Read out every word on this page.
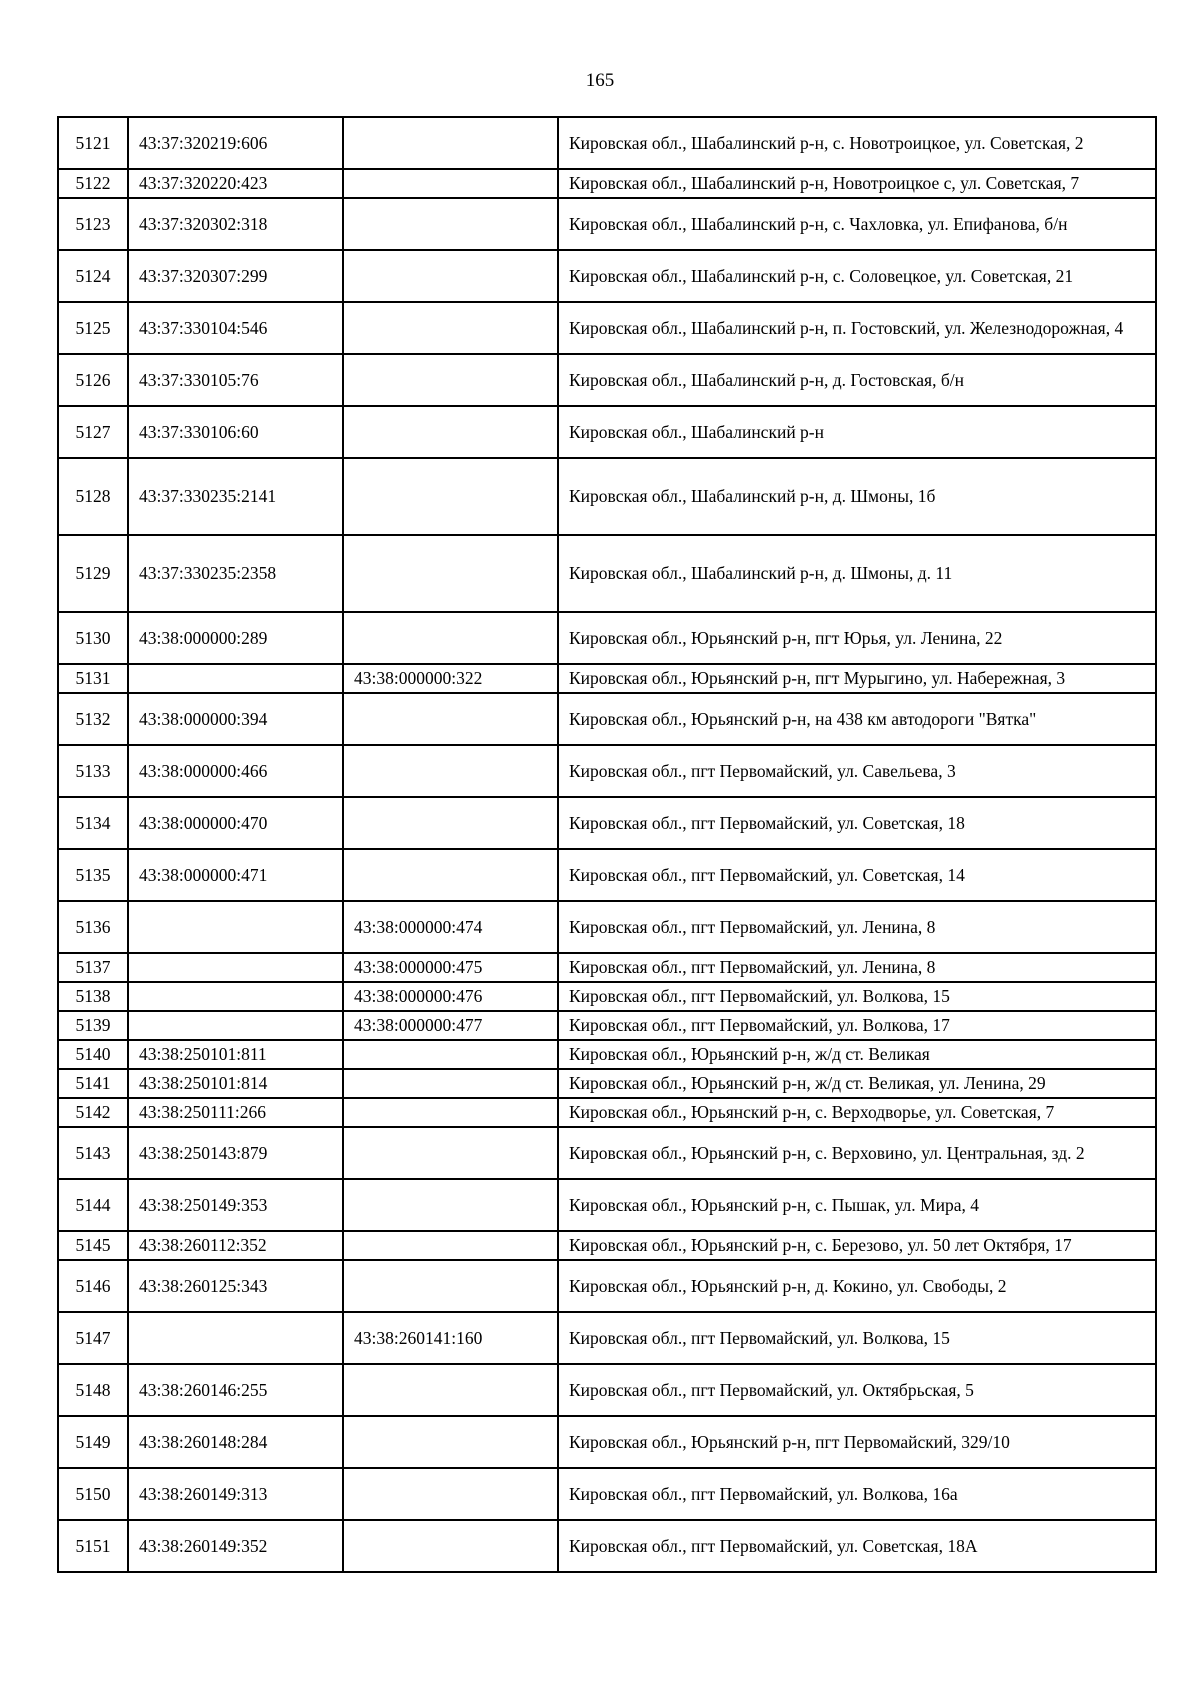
165
5121	43:37:320219:606		Кировская обл., Шабалинский р-н, с. Новотроицкое, ул. Советская, 2
5122	43:37:320220:423		Кировская обл., Шабалинский р-н, Новотроицкое с, ул. Советская, 7
5123	43:37:320302:318		Кировская обл., Шабалинский р-н, с. Чахловка, ул. Епифанова, б/н
5124	43:37:320307:299		Кировская обл., Шабалинский р-н, с. Соловецкое, ул. Советская, 21
5125	43:37:330104:546		Кировская обл., Шабалинский р-н, п. Гостовский, ул. Железнодорожная, 4
5126	43:37:330105:76		Кировская обл., Шабалинский р-н, д. Гостовская, б/н
5127	43:37:330106:60		Кировская обл., Шабалинский р-н
5128	43:37:330235:2141		Кировская обл., Шабалинский р-н, д. Шмоны, 1б
5129	43:37:330235:2358		Кировская обл., Шабалинский р-н, д. Шмоны, д. 11
5130	43:38:000000:289		Кировская обл., Юрьянский р-н, пгт Юрья, ул. Ленина, 22
5131		43:38:000000:322	Кировская обл., Юрьянский р-н, пгт Мурыгино, ул. Набережная, 3
5132	43:38:000000:394		Кировская обл., Юрьянский р-н, на 438 км автодороги "Вятка"
5133	43:38:000000:466		Кировская обл., пгт Первомайский, ул. Савельева, 3
5134	43:38:000000:470		Кировская обл., пгт Первомайский, ул. Советская, 18
5135	43:38:000000:471		Кировская обл., пгт Первомайский, ул. Советская, 14
5136		43:38:000000:474	Кировская обл., пгт Первомайский, ул. Ленина, 8
5137		43:38:000000:475	Кировская обл., пгт Первомайский, ул. Ленина, 8
5138		43:38:000000:476	Кировская обл., пгт Первомайский, ул. Волкова, 15
5139		43:38:000000:477	Кировская обл., пгт Первомайский, ул. Волкова, 17
5140	43:38:250101:811		Кировская обл., Юрьянский р-н, ж/д ст. Великая
5141	43:38:250101:814		Кировская обл., Юрьянский р-н, ж/д ст. Великая, ул. Ленина, 29
5142	43:38:250111:266		Кировская обл., Юрьянский р-н, с. Верходворье, ул. Советская, 7
5143	43:38:250143:879		Кировская обл., Юрьянский р-н, с. Верховино, ул. Центральная, зд. 2
5144	43:38:250149:353		Кировская обл., Юрьянский р-н, с. Пышак, ул. Мира, 4
5145	43:38:260112:352		Кировская обл., Юрьянский р-н, с. Березово, ул. 50 лет Октября, 17
5146	43:38:260125:343		Кировская обл., Юрьянский р-н, д. Кокино, ул. Свободы, 2
5147		43:38:260141:160	Кировская обл., пгт Первомайский, ул. Волкова, 15
5148	43:38:260146:255		Кировская обл., пгт Первомайский, ул. Октябрьская, 5
5149	43:38:260148:284		Кировская обл., Юрьянский р-н, пгт Первомайский, 329/10
5150	43:38:260149:313		Кировская обл., пгт Первомайский, ул. Волкова, 16а
5151	43:38:260149:352		Кировская обл., пгт Первомайский, ул. Советская, 18А
